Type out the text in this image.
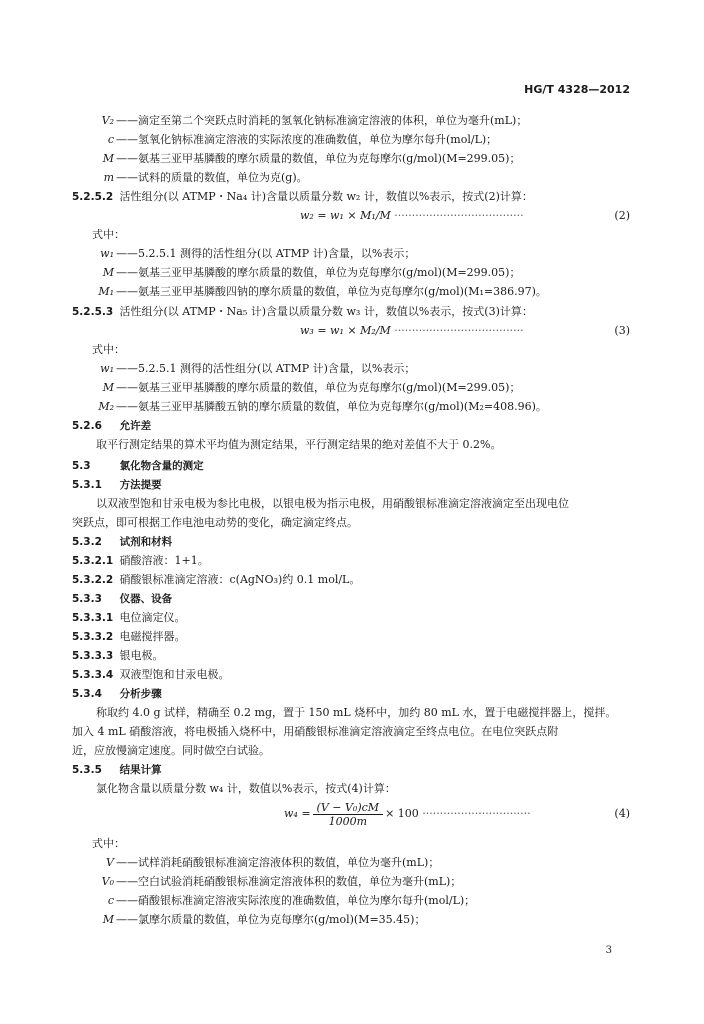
HG/T 4328—2012
V₂ ——滴定至第二个突跃点时消耗的氢氧化钠标准滴定溶液的体积，单位为毫升(mL)；
c ——氢氧化钠标准滴定溶液的实际浓度的准确数值，单位为摩尔每升(mol/L)；
M ——氨基三亚甲基膦酸的摩尔质量的数值，单位为克每摩尔(g/mol)(M=299.05)；
m ——试料的质量的数值，单位为克(g)。
5.2.5.2 活性组分(以 ATMP・Na₄ 计)含量以质量分数 w₂ 计，数值以%表示，按式(2)计算：
w₂ = w₁ × M₁/M ·····································	(2)
式中：
w₁ ——5.2.5.1 测得的活性组分(以 ATMP 计)含量，以%表示；
M ——氨基三亚甲基膦酸的摩尔质量的数值，单位为克每摩尔(g/mol)(M=299.05)；
M₁ ——氨基三亚甲基膦酸四钠的摩尔质量的数值，单位为克每摩尔(g/mol)(M₁=386.97)。
5.2.5.3 活性组分(以 ATMP・Na₅ 计)含量以质量分数 w₃ 计，数值以%表示，按式(3)计算：
w₃ = w₁ × M₂/M ·····································	(3)
式中：
w₁ ——5.2.5.1 测得的活性组分(以 ATMP 计)含量，以%表示；
M ——氨基三亚甲基膦酸的摩尔质量的数值，单位为克每摩尔(g/mol)(M=299.05)；
M₂ ——氨基三亚甲基膦酸五钠的摩尔质量的数值，单位为克每摩尔(g/mol)(M₂=408.96)。
5.2.6 允许差
取平行测定结果的算术平均值为测定结果，平行测定结果的绝对差值不大于 0.2%。
5.3	氯化物含量的测定
5.3.1 方法提要
以双液型饱和甘汞电极为参比电极，以银电极为指示电极，用硝酸银标准滴定溶液滴定至出现电位
突跃点，即可根据工作电池电动势的变化，确定滴定终点。
5.3.2 试剂和材料
5.3.2.1 硝酸溶液：1+1。
5.3.2.2 硝酸银标准滴定溶液：c(AgNO₃)约 0.1 mol/L。
5.3.3 仪器、设备
5.3.3.1 电位滴定仪。
5.3.3.2 电磁搅拌器。
5.3.3.3 银电极。
5.3.3.4 双液型饱和甘汞电极。
5.3.4 分析步骤
称取约 4.0 g 试样，精确至 0.2 mg，置于 150 mL 烧杯中，加约 80 mL 水，置于电磁搅拌器上，搅拌。
加入 4 mL 硝酸溶液，将电极插入烧杯中，用硝酸银标准滴定溶液滴定至终点电位。在电位突跃点附
近，应放慢滴定速度。同时做空白试验。
5.3.5 结果计算
氯化物含量以质量分数 w₄ 计，数值以%表示，按式(4)计算：
$w_4 = \frac{\text{(V − V₀)cM}}{1000m} \times 100$ ·······························	(4)
式中：
V ——试样消耗硝酸银标准滴定溶液体积的数值，单位为毫升(mL)；
V₀ ——空白试验消耗硝酸银标准滴定溶液体积的数值，单位为毫升(mL)；
c ——硝酸银标准滴定溶液实际浓度的准确数值，单位为摩尔每升(mol/L)；
M ——氯摩尔质量的数值，单位为克每摩尔(g/mol)(M=35.45)；
3
